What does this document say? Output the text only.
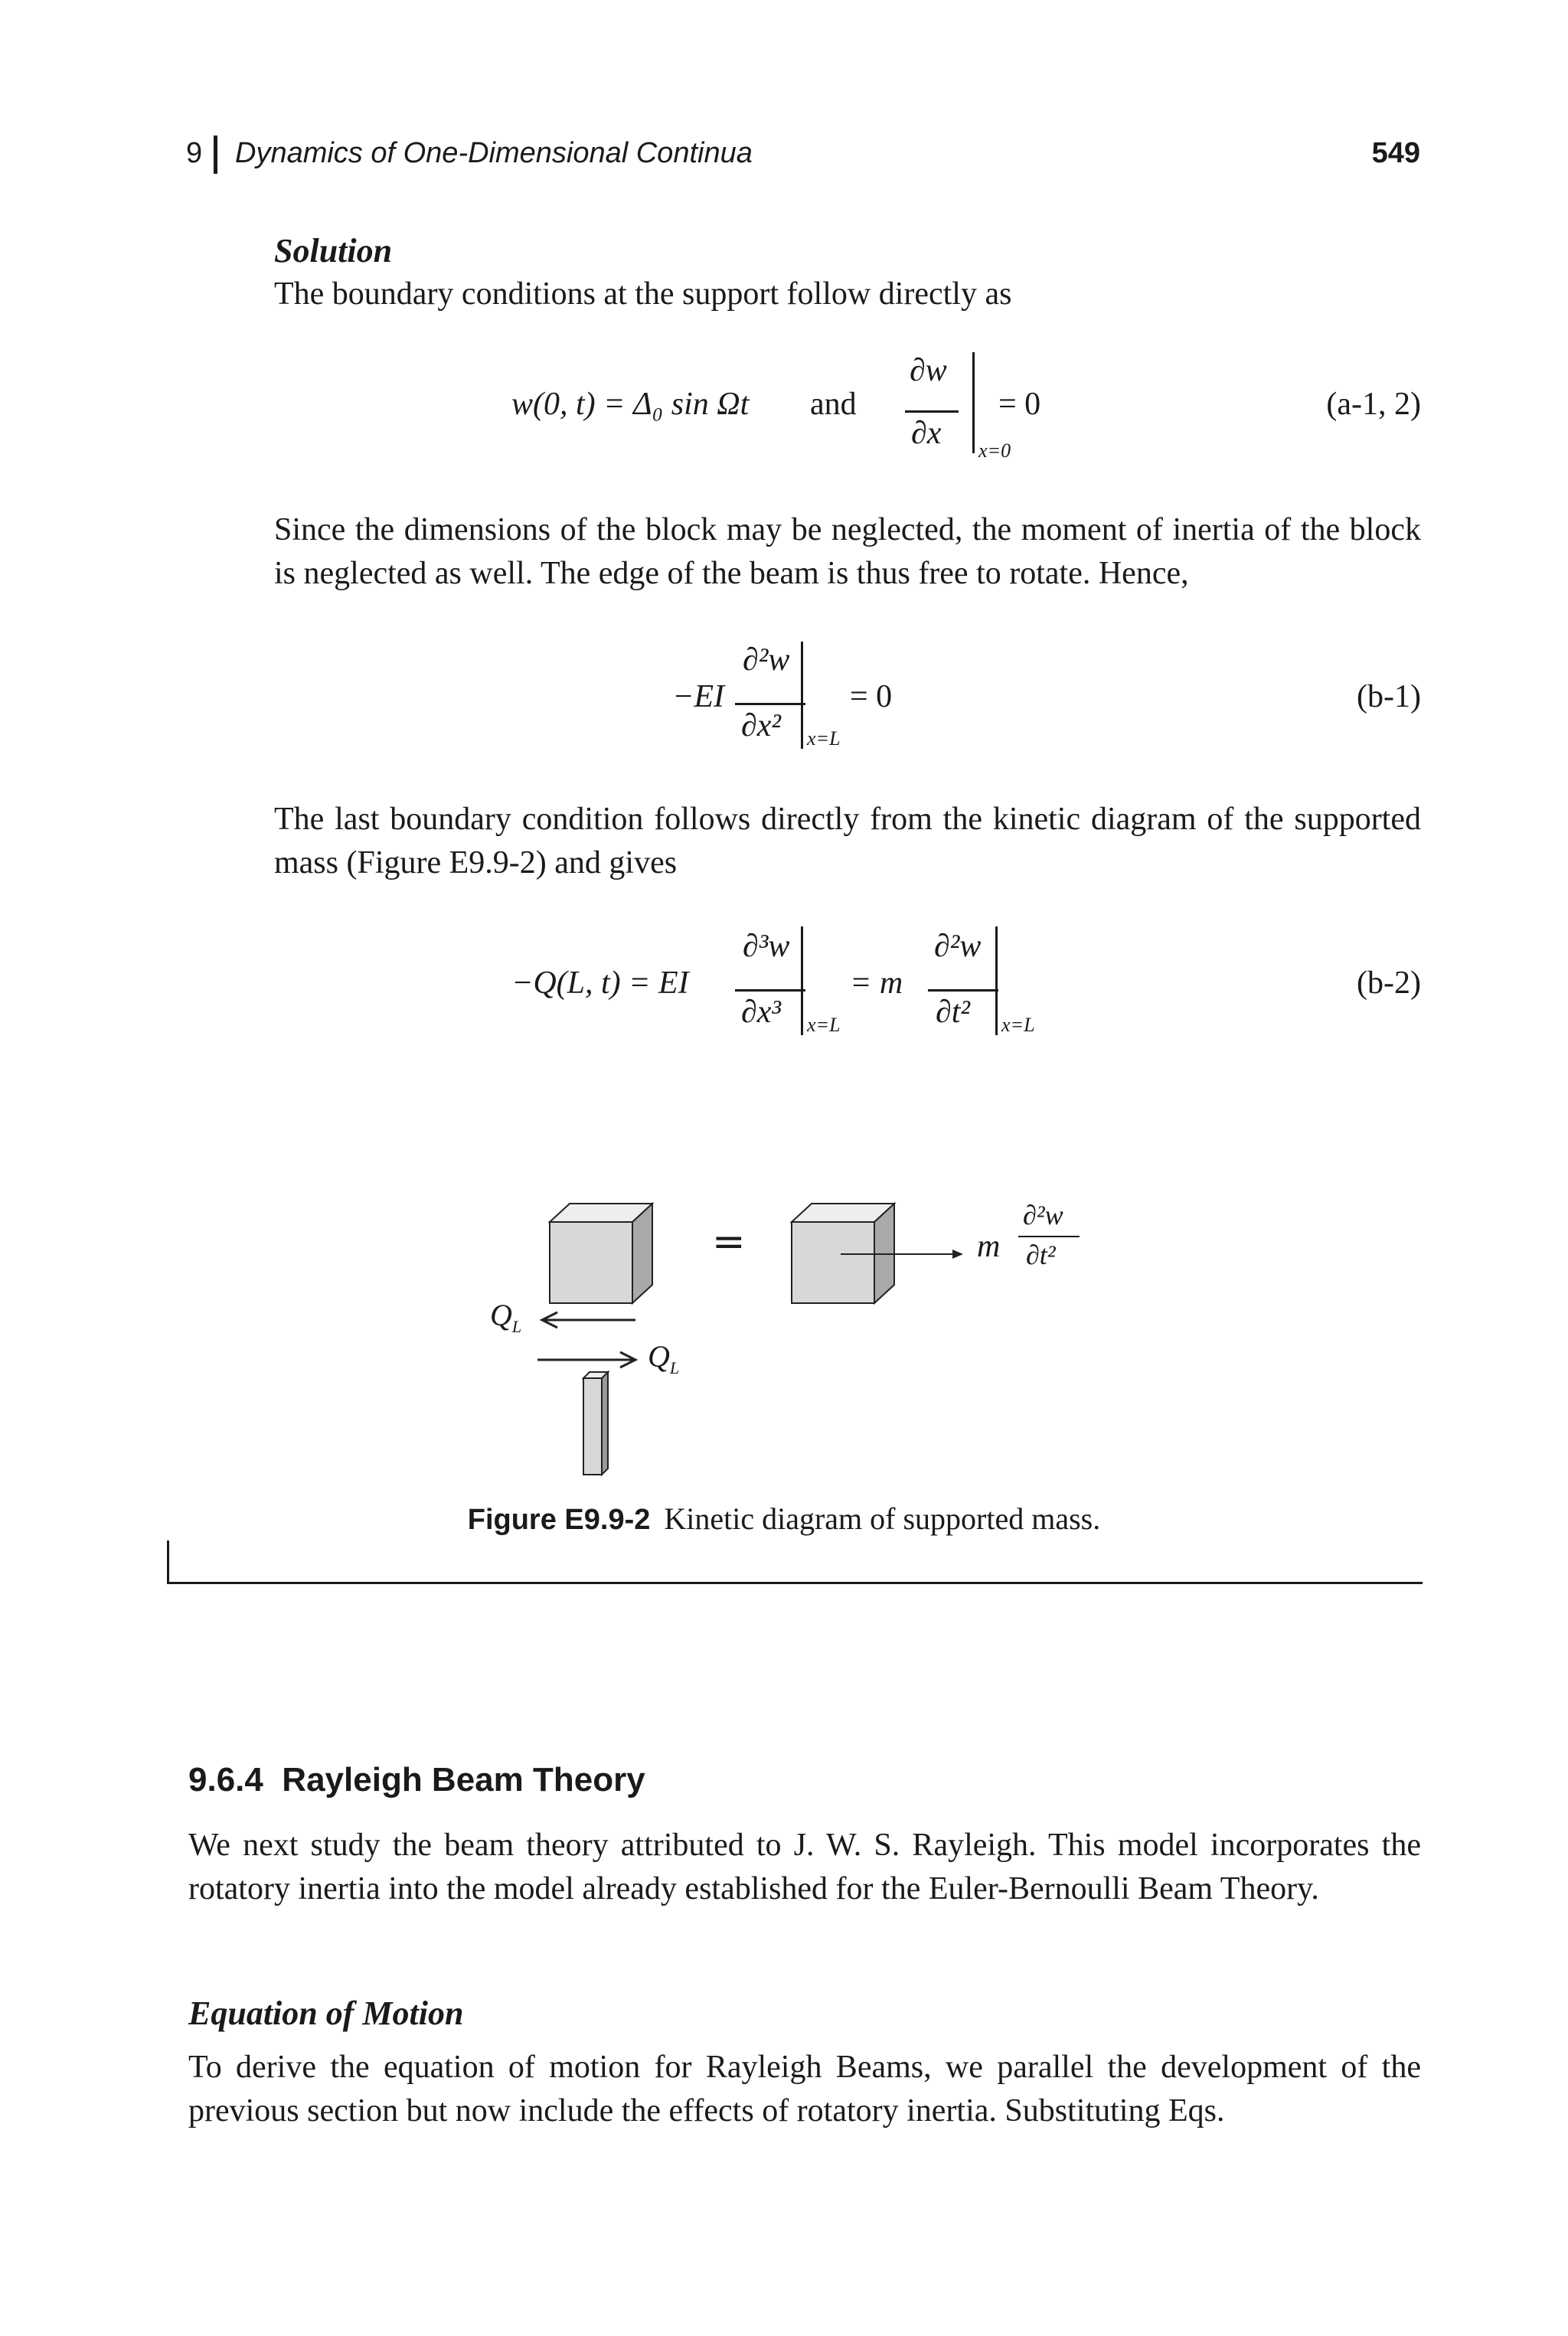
9 Dynamics of One-Dimensional Continua	549
Solution
The boundary conditions at the support follow directly as
w(0, t) = Δ₀ sin Ωt and
∂w
∂x x=0
= 0	(a-1, 2)
Since the dimensions of the block may be neglected, the moment of inertia of the block is neglected as well. The edge of the beam is thus free to rotate. Hence,
−EI
∂²w
∂x² x=L
= 0	(b-1)
The last boundary condition follows directly from the kinetic diagram of the supported mass (Figure E9.9-2) and gives
−Q(L, t) = EI
∂³w
∂x³ x=L
= m
∂²w
∂t² x=L
(b-2)
=
$Q_L$
$Q_L$
m
∂²w
∂t²
Figure E9.9-2 Kinetic diagram of supported mass.
9.6.4  Rayleigh Beam Theory
We next study the beam theory attributed to J. W. S. Rayleigh. This model incorporates the rotatory inertia into the model already established for the Euler-Bernoulli Beam Theory.
Equation of Motion
To derive the equation of motion for Rayleigh Beams, we parallel the development of the previous section but now include the effects of rotatory inertia. Substituting Eqs.
